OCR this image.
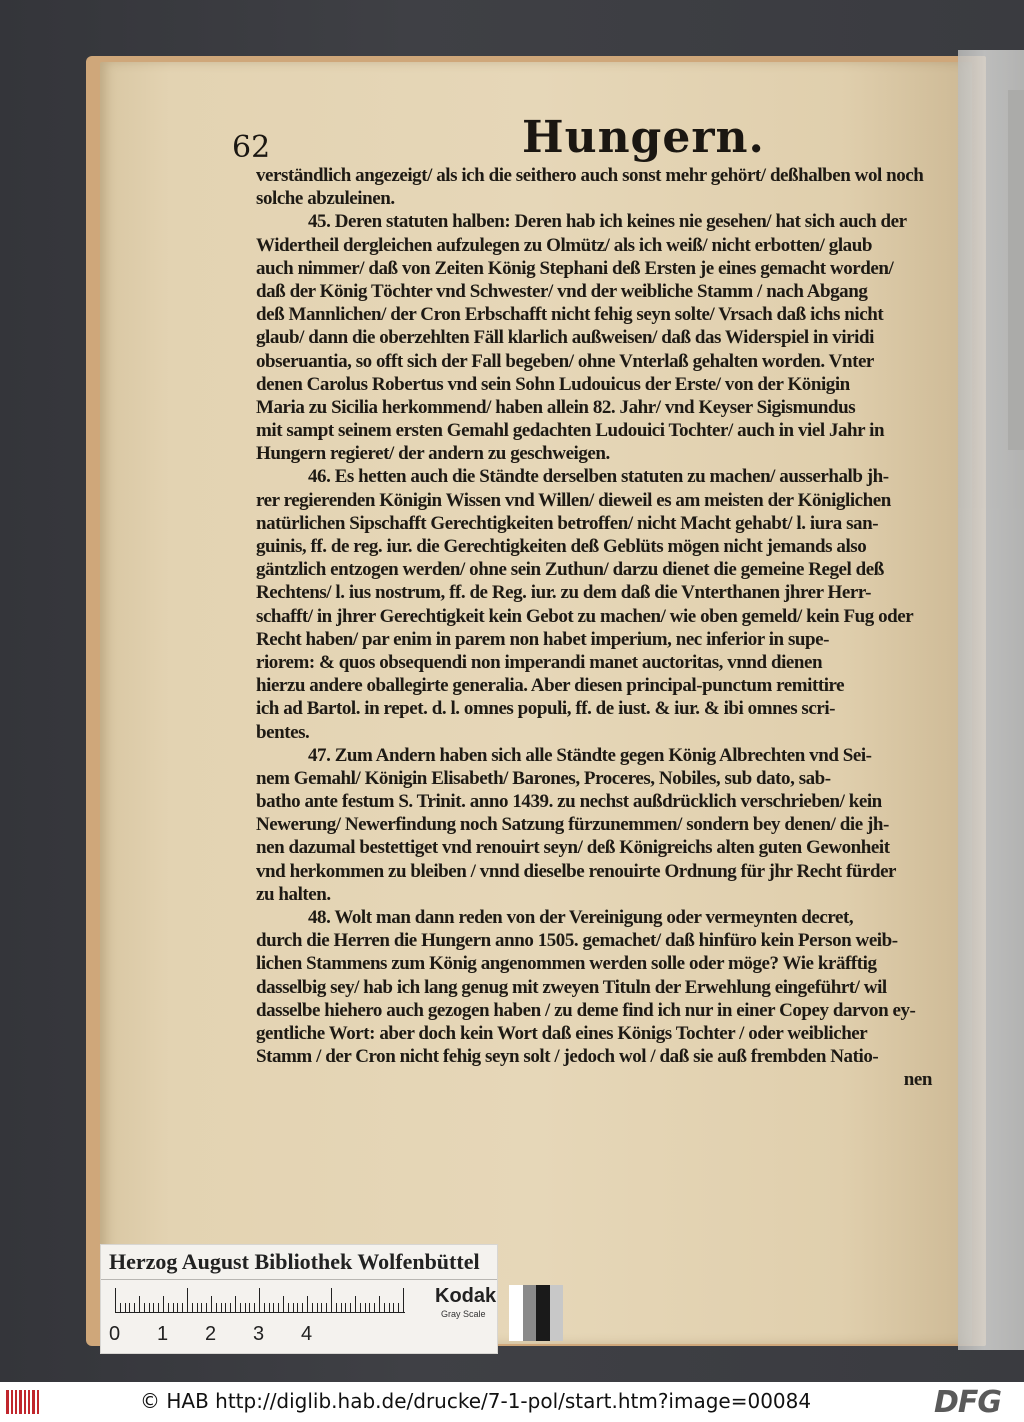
62	Hungern.
verständlich angezeigt/ als ich die seithero auch sonst mehr gehört/ deßhalben wol noch
solche abzuleinen.
45. Deren statuten halben: Deren hab ich keines nie gesehen/ hat sich auch der
Widertheil dergleichen aufzulegen zu Olmütz/ als ich weiß/ nicht erbotten/ glaub
auch nimmer/ daß von Zeiten König Stephani deß Ersten je eines gemacht worden/
daß der König Töchter vnd Schwester/ vnd der weibliche Stamm / nach Abgang
deß Mannlichen/ der Cron Erbschafft nicht fehig seyn solte/ Vrsach daß ichs nicht
glaub/ dann die oberzehlten Fäll klarlich außweisen/ daß das Widerspiel in viridi
obseruantia, so offt sich der Fall begeben/ ohne Vnterlaß gehalten worden. Vnter
denen Carolus Robertus vnd sein Sohn Ludouicus der Erste/ von der Königin
Maria zu Sicilia herkommend/ haben allein 82. Jahr/ vnd Keyser Sigismundus
mit sampt seinem ersten Gemahl gedachten Ludouici Tochter/ auch in viel Jahr in
Hungern regieret/ der andern zu geschweigen.
46. Es hetten auch die Ständte derselben statuten zu machen/ ausserhalb jh-
rer regierenden Königin Wissen vnd Willen/ dieweil es am meisten der Königlichen
natürlichen Sipschafft Gerechtigkeiten betroffen/ nicht Macht gehabt/ l. iura san-
guinis, ff. de reg. iur. die Gerechtigkeiten deß Geblüts mögen nicht jemands also
gäntzlich entzogen werden/ ohne sein Zuthun/ darzu dienet die gemeine Regel deß
Rechtens/ l. ius nostrum, ff. de Reg. iur. zu dem daß die Vnterthanen jhrer Herr-
schafft/ in jhrer Gerechtigkeit kein Gebot zu machen/ wie oben gemeld/ kein Fug oder
Recht haben/ par enim in parem non habet imperium, nec inferior in supe-
riorem: & quos obsequendi non imperandi manet auctoritas, vnnd dienen
hierzu andere oballegirte generalia. Aber diesen principal-punctum remittire
ich ad Bartol. in repet. d. l. omnes populi, ff. de iust. & iur. & ibi omnes scri-
bentes.
47. Zum Andern haben sich alle Ständte gegen König Albrechten vnd Sei-
nem Gemahl/ Königin Elisabeth/ Barones, Proceres, Nobiles, sub dato, sab-
batho ante festum S. Trinit. anno 1439. zu nechst außdrücklich verschrieben/ kein
Newerung/ Newerfindung noch Satzung fürzunemmen/ sondern bey denen/ die jh-
nen dazumal bestettiget vnd renouirt seyn/ deß Königreichs alten guten Gewonheit
vnd herkommen zu bleiben / vnnd dieselbe renouirte Ordnung für jhr Recht fürder
zu halten.
48. Wolt man dann reden von der Vereinigung oder vermeynten decret,
durch die Herren die Hungern anno 1505. gemachet/ daß hinfüro kein Person weib-
lichen Stammens zum König angenommen werden solle oder möge? Wie kräfftig
dasselbig sey/ hab ich lang genug mit zweyen Tituln der Erwehlung eingeführt/ wil
dasselbe hiehero auch gezogen haben / zu deme find ich nur in einer Copey darvon ey-
gentliche Wort: aber doch kein Wort daß eines Königs Tochter / oder weiblicher
Stamm / der Cron nicht fehig seyn solt / jedoch wol / daß sie auß frembden Natio-
nen
Herzog August Bibliothek Wolfenbüttel
0 1 2 3 4
Kodak
Gray Scale
© HAB http://diglib.hab.de/drucke/7-1-pol/start.htm?image=00084	DFG
